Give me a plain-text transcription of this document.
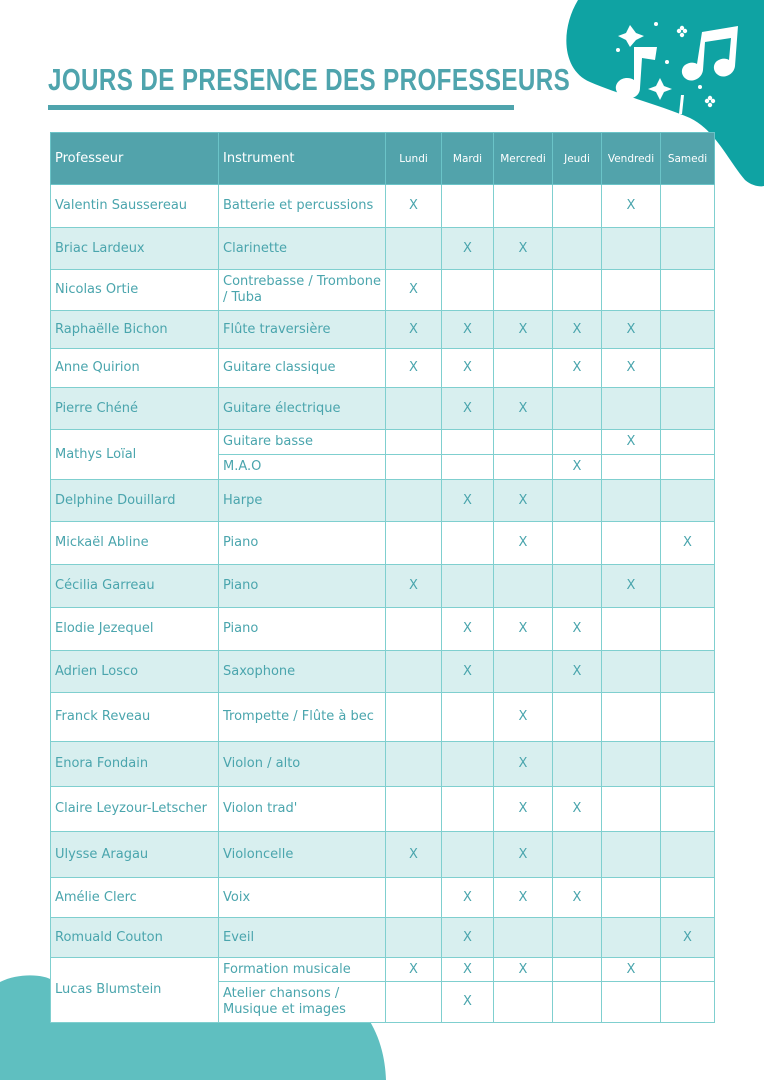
JOURS DE PRESENCE DES PROFESSEURS
Professeur	Instrument	Lundi	Mardi	Mercredi	Jeudi	Vendredi	Samedi
Valentin Saussereau	Batterie et percussions	X				X	
Briac Lardeux	Clarinette		X	X			
Nicolas Ortie	Contrebasse / Trombone / Tuba	X					
Raphaëlle Bichon	Flûte traversière	X	X	X	X	X	
Anne Quirion	Guitare classique	X	X		X	X	
Pierre Chéné	Guitare électrique		X	X			
Mathys Loïal	Guitare basse					X	
	M.A.O				X		
Delphine Douillard	Harpe		X	X			
Mickaël Abline	Piano			X			X
Cécilia Garreau	Piano	X				X	
Elodie Jezequel	Piano		X	X	X		
Adrien Losco	Saxophone		X		X		
Franck Reveau	Trompette / Flûte à bec			X			
Enora Fondain	Violon / alto			X			
Claire Leyzour-Letscher	Violon trad'			X	X		
Ulysse Aragau	Violoncelle	X		X			
Amélie Clerc	Voix		X	X	X		
Romuald Couton	Eveil		X				X
Lucas Blumstein	Formation musicale	X	X	X		X	
	Atelier chansons / Musique et images		X				
